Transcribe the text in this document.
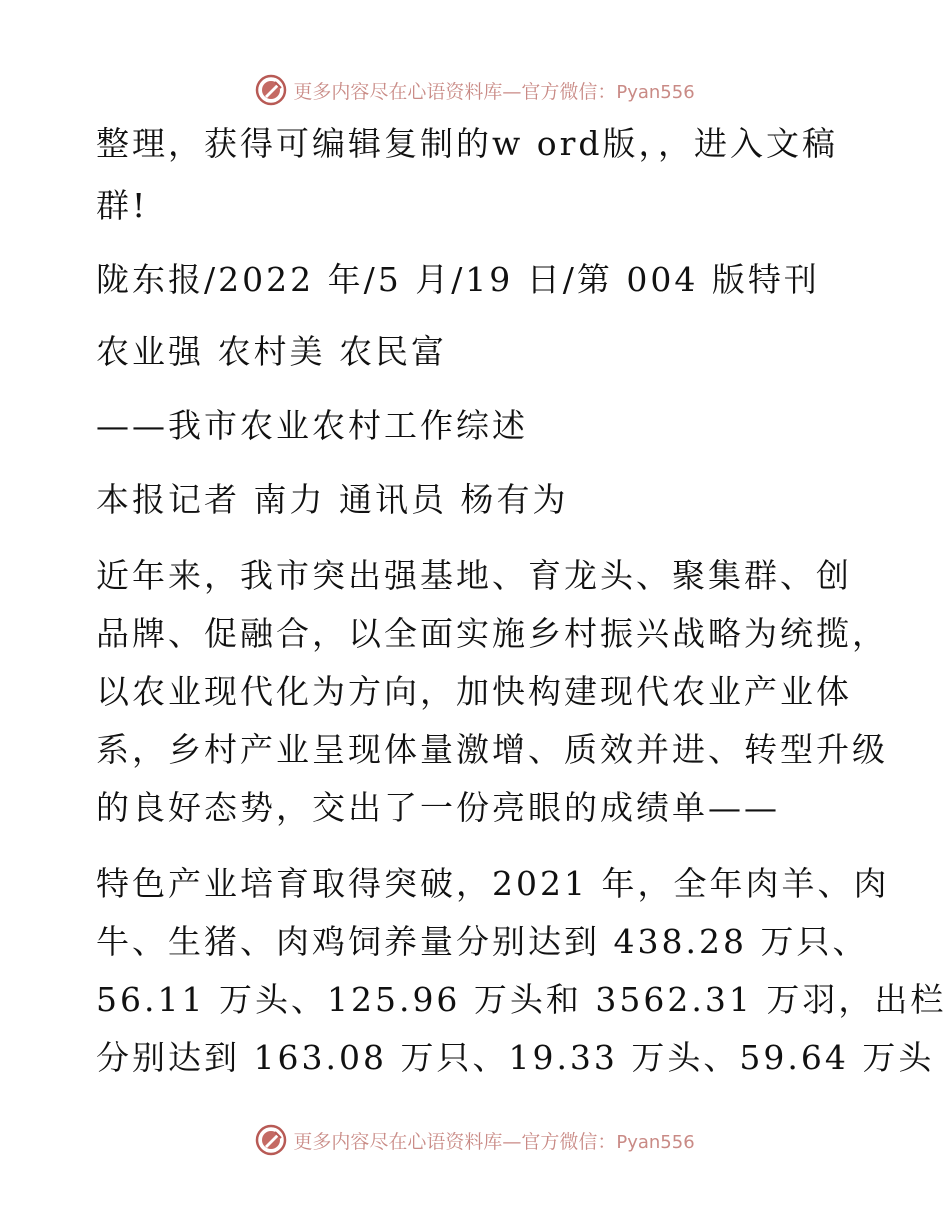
更多内容尽在心语资料库—官方微信：Pyan556
整理，获得可编辑复制的w ord版，，进入文稿
群!
陇东报/2022 年/5 月/19 日/第 004 版特刊
农业强 农村美 农民富
——我市农业农村工作综述
本报记者 南力 通讯员 杨有为
近年来，我市突出强基地、育龙头、聚集群、创
品牌、促融合，以全面实施乡村振兴战略为统揽，
以农业现代化为方向，加快构建现代农业产业体
系，乡村产业呈现体量激增、质效并进、转型升级
的良好态势，交出了一份亮眼的成绩单——
特色产业培育取得突破，2021 年，全年肉羊、肉
牛、生猪、肉鸡饲养量分别达到 438.28 万只、
56.11 万头、125.96 万头和 3562.31 万羽，出栏
分别达到 163.08 万只、19.33 万头、59.64 万头
更多内容尽在心语资料库—官方微信：Pyan556
